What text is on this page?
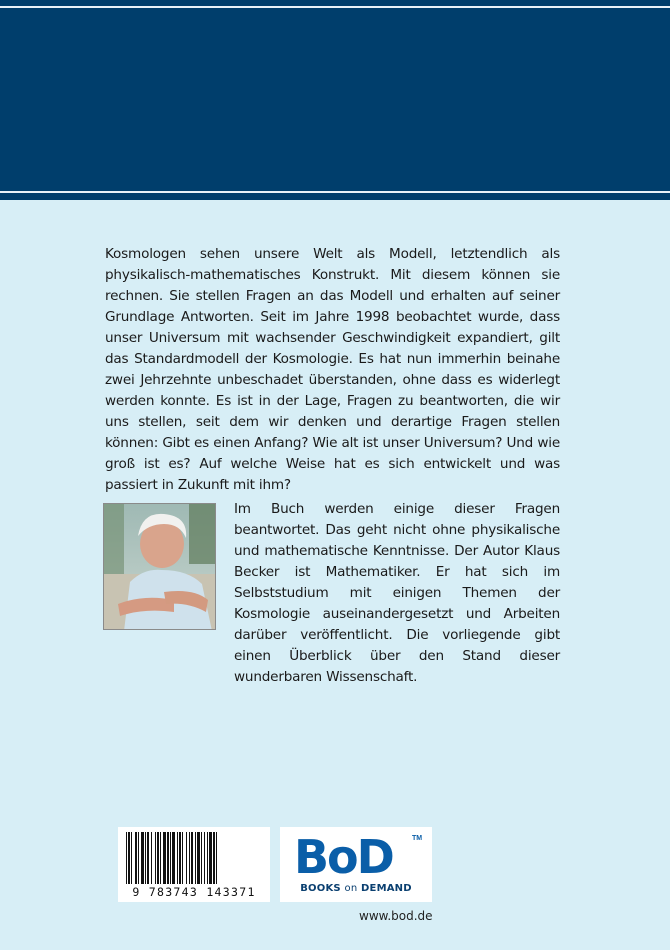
Kosmologen sehen unsere Welt als Modell, letztendlich als physikalisch-mathematisches Konstrukt. Mit diesem können sie rechnen. Sie stellen Fragen an das Modell und erhalten auf seiner Grundlage Antworten. Seit im Jahre 1998 beobachtet wurde, dass unser Universum mit wachsender Geschwindigkeit expandiert, gilt das Standardmodell der Kosmologie. Es hat nun immerhin beinahe zwei Jehrzehnte unbeschadet überstanden, ohne dass es widerlegt werden konnte. Es ist in der Lage, Fragen zu beantworten, die wir uns stellen, seit dem wir denken und derartige Fragen stellen können: Gibt es einen Anfang? Wie alt ist unser Universum? Und wie groß ist es? Auf welche Weise hat es sich entwickelt und was passiert in Zukunft mit ihm?

Im Buch werden einige dieser Fragen beantwortet. Das geht nicht ohne physikalische und mathematische Kenntnisse. Der Autor Klaus Becker ist Mathematiker. Er hat sich im Selbststudium mit einigen Themen der Kosmologie auseinandergesetzt und Arbeiten darüber veröffentlicht. Die vorliegende gibt einen Überblick über den Stand dieser wunderbaren Wissenschaft.

9 783743 143371
BoD	TM
BOOKS on DEMAND
www.bod.de
